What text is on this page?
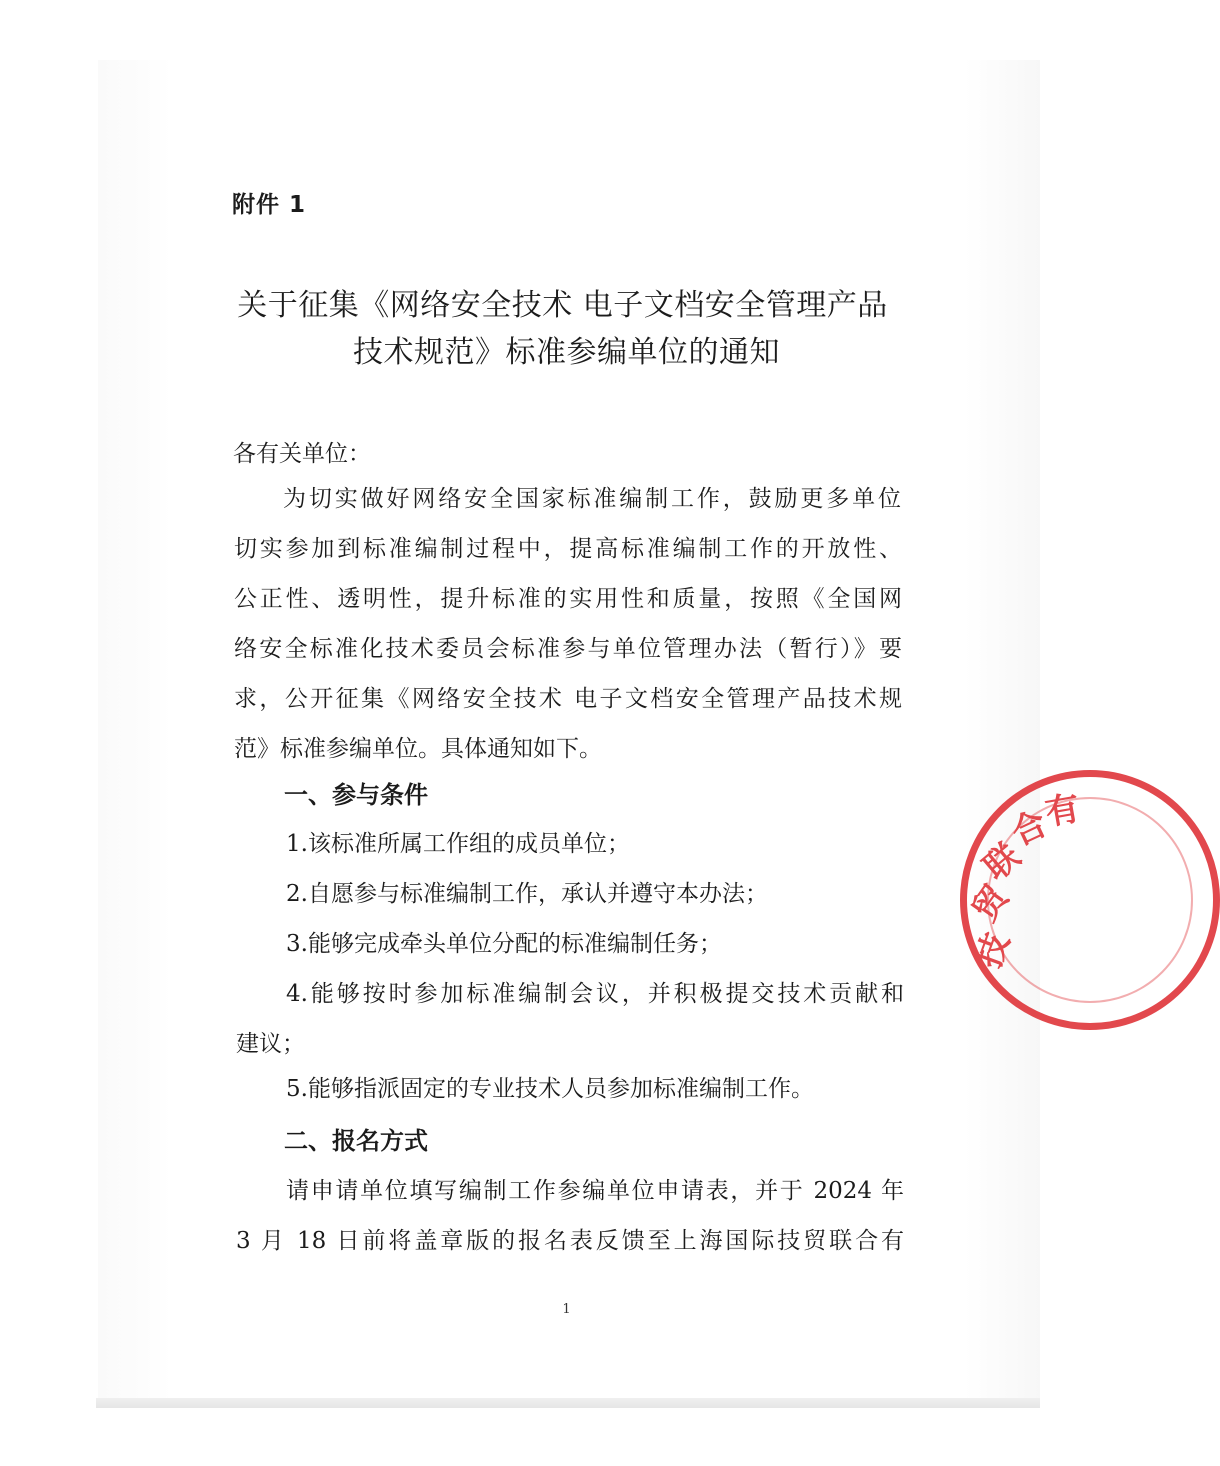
附件 1
关于征集《网络安全技术 电子文档安全管理产品
技术规范》标准参编单位的通知
各有关单位：
为切实做好网络安全国家标准编制工作，鼓励更多单位
切实参加到标准编制过程中，提高标准编制工作的开放性、
公正性、透明性，提升标准的实用性和质量，按照《全国网
络安全标准化技术委员会标准参与单位管理办法（暂行）》要
求，公开征集《网络安全技术 电子文档安全管理产品技术规
范》标准参编单位。具体通知如下。
一、参与条件
1.该标准所属工作组的成员单位；
2.自愿参与标准编制工作，承认并遵守本办法；
3.能够完成牵头单位分配的标准编制任务；
4.能够按时参加标准编制会议，并积极提交技术贡献和
建议；
5.能够指派固定的专业技术人员参加标准编制工作。
二、报名方式
请申请单位填写编制工作参编单位申请表，并于 2024 年
3 月 18 日前将盖章版的报名表反馈至上海国际技贸联合有
1
技
贸
联
合
有
